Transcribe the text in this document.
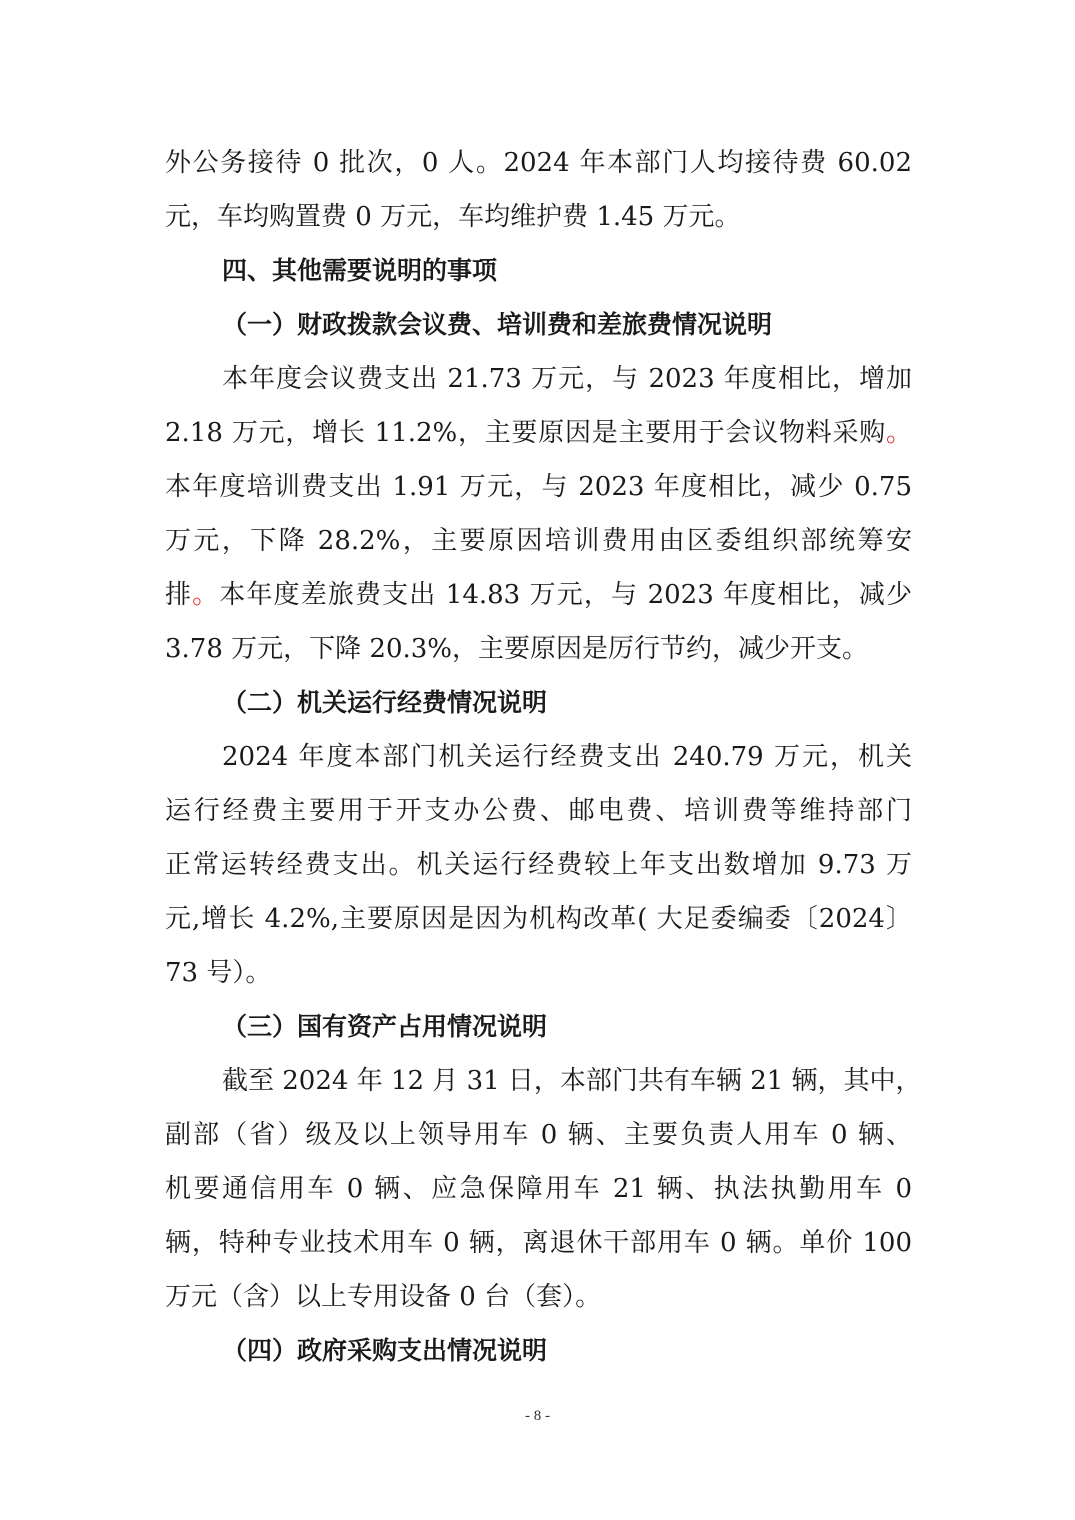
外公务接待 0 批次，0 人。2024 年本部门人均接待费 60.02
元，车均购置费 0 万元，车均维护费 1.45 万元。
四、其他需要说明的事项
（一）财政拨款会议费、培训费和差旅费情况说明
本年度会议费支出 21.73 万元，与 2023 年度相比，增加
2.18 万元，增长 11.2%，主要原因是主要用于会议物料采购。
本年度培训费支出 1.91 万元，与 2023 年度相比，减少 0.75
万元，下降 28.2%，主要原因培训费用由区委组织部统筹安
排。本年度差旅费支出 14.83 万元，与 2023 年度相比，减少
3.78 万元，下降 20.3%，主要原因是厉行节约，减少开支。
（二）机关运行经费情况说明
2024 年度本部门机关运行经费支出 240.79 万元，机关
运行经费主要用于开支办公费、邮电费、培训费等维持部门
正常运转经费支出。机关运行经费较上年支出数增加 9.73 万
元,增长 4.2%,主要原因是因为机构改革( 大足委编委〔2024〕
73 号）。
（三）国有资产占用情况说明
截至 2024 年 12 月 31 日，本部门共有车辆 21 辆，其中，
副部（省）级及以上领导用车 0 辆、主要负责人用车 0 辆、
机要通信用车 0 辆、应急保障用车 21 辆、执法执勤用车 0
辆，特种专业技术用车 0 辆，离退休干部用车 0 辆。单价 100
万元（含）以上专用设备 0 台（套）。
（四）政府采购支出情况说明
- 8 -
